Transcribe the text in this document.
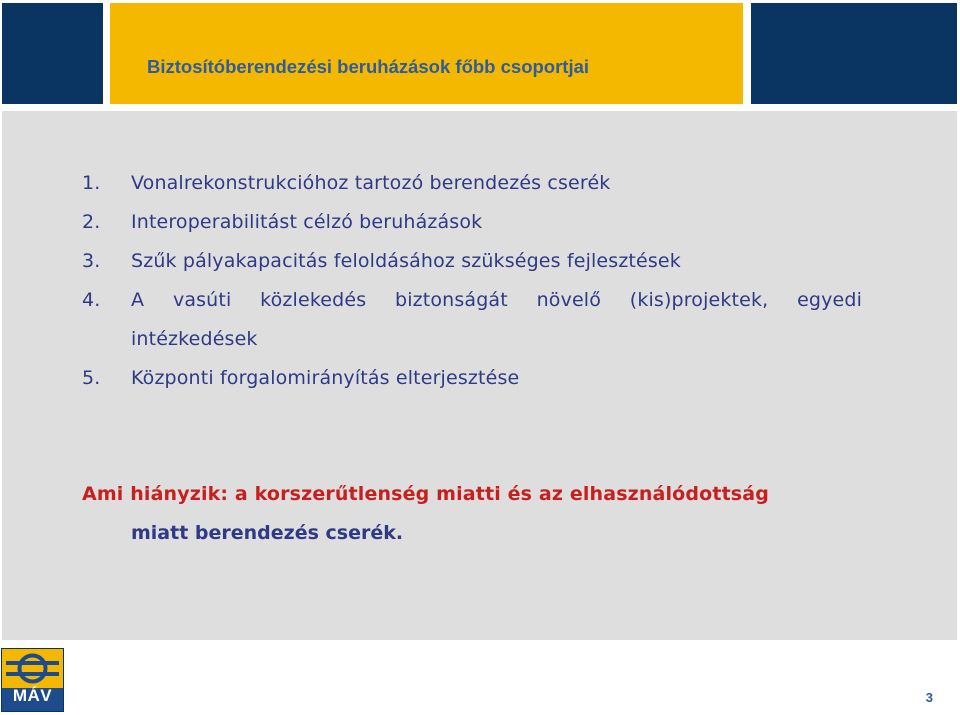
Biztosítóberendezési beruházások főbb csoportjai
1. Vonalrekonstrukcióhoz tartozó berendezés cserék
2. Interoperabilitást célzó beruházások
3. Szűk pályakapacitás feloldásához szükséges fejlesztések
4. A vasúti közlekedés biztonságát növelő (kis)projektek, egyedi
intézkedések
5. Központi forgalomirányítás elterjesztése
Ami hiányzik: a korszerűtlenség miatti és az elhasználódottság
miatt berendezés cserék.
MÁV	3
